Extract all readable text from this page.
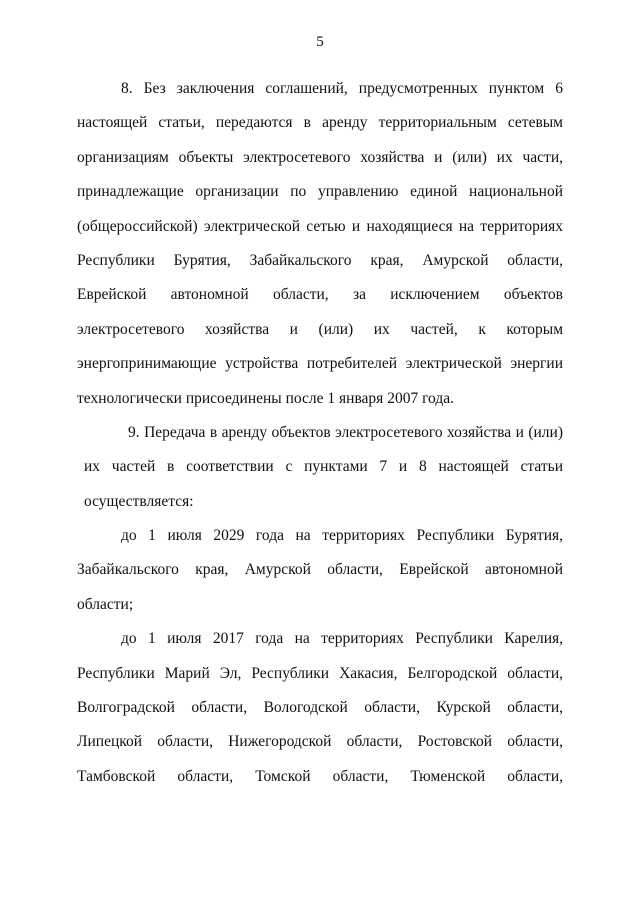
5
8. Без заключения соглашений, предусмотренных пунктом 6
настоящей статьи, передаются в аренду территориальным сетевым
организациям объекты электросетевого хозяйства и (или) их части,
принадлежащие организации по управлению единой национальной
(общероссийской) электрической сетью и находящиеся на территориях
Республики Бурятия, Забайкальского края, Амурской области,
Еврейской автономной области, за исключением объектов
электросетевого хозяйства и (или) их частей, к которым
энергопринимающие устройства потребителей электрической энергии
технологически присоединены после 1 января 2007 года.
9. Передача в аренду объектов электросетевого хозяйства и (или)
их частей в соответствии с пунктами 7 и 8 настоящей статьи
осуществляется:
до 1 июля 2029 года на территориях Республики Бурятия,
Забайкальского края, Амурской области, Еврейской автономной
области;
до 1 июля 2017 года на территориях Республики Карелия,
Республики Марий Эл, Республики Хакасия, Белгородской области,
Волгоградской области, Вологодской области, Курской области,
Липецкой области, Нижегородской области, Ростовской области,
Тамбовской области, Томской области, Тюменской области,
